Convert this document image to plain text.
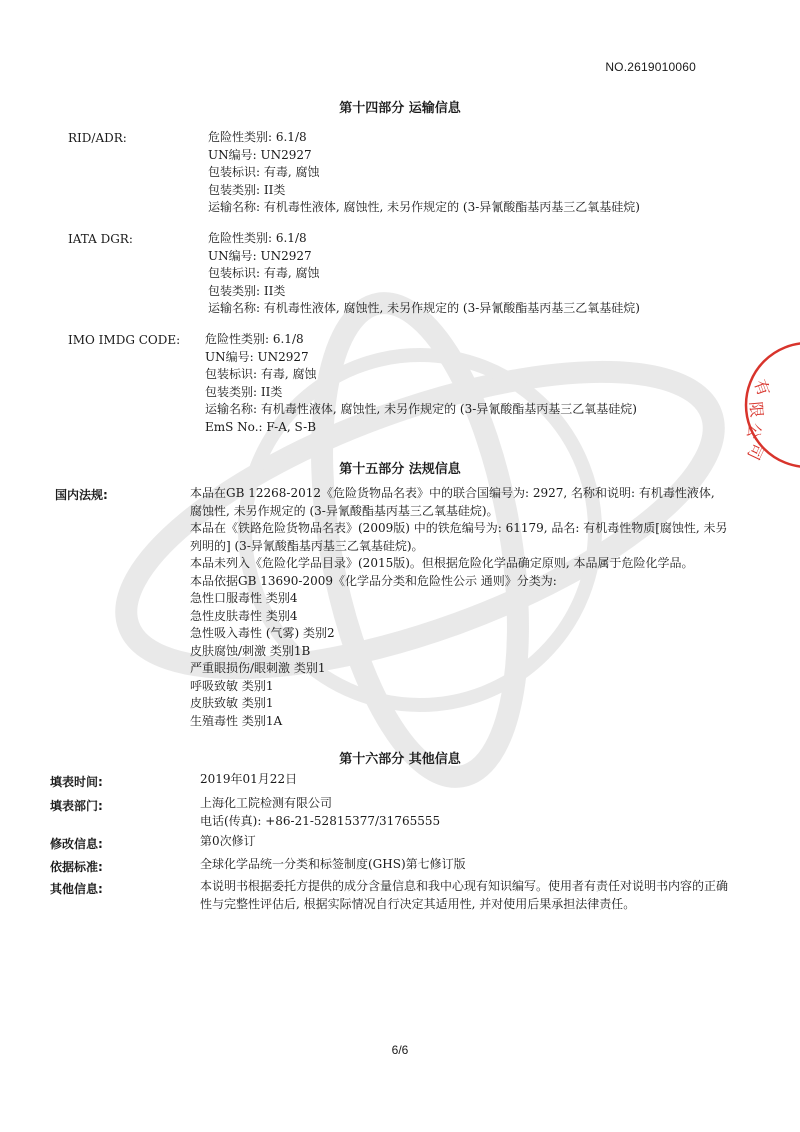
NO.2619010060
第十四部分 运输信息
RID/ADR:	危险性类别: 6.1/8
UN编号: UN2927
包装标识: 有毒, 腐蚀
包装类别: II类
运输名称: 有机毒性液体, 腐蚀性, 未另作规定的 (3-异氰酸酯基丙基三乙氧基硅烷)
IATA DGR:	危险性类别: 6.1/8
UN编号: UN2927
包装标识: 有毒, 腐蚀
包装类别: II类
运输名称: 有机毒性液体, 腐蚀性, 未另作规定的 (3-异氰酸酯基丙基三乙氧基硅烷)
IMO IMDG CODE: 危险性类别: 6.1/8
UN编号: UN2927
包装标识: 有毒, 腐蚀
包装类别: II类
运输名称: 有机毒性液体, 腐蚀性, 未另作规定的 (3-异氰酸酯基丙基三乙氧基硅烷)
EmS No.: F-A, S-B
有
限
公
司
第十五部分 法规信息
国内法规:	本品在GB 12268-2012《危险货物品名表》中的联合国编号为: 2927, 名称和说明: 有机毒性液体, 腐蚀性, 未另作规定的 (3-异氰酸酯基丙基三乙氧基硅烷)。

本品在《铁路危险货物品名表》(2009版) 中的铁危编号为: 61179, 品名: 有机毒性物质[腐蚀性, 未另列明的] (3-异氰酸酯基丙基三乙氧基硅烷)。

本品未列入《危险化学品目录》(2015版)。但根据危险化学品确定原则, 本品属于危险化学品。

本品依据GB 13690-2009《化学品分类和危险性公示 通则》分类为:

急性口服毒性 类别4

急性皮肤毒性 类别4

急性吸入毒性 (气雾) 类别2

皮肤腐蚀/刺激 类别1B

严重眼损伤/眼刺激 类别1

呼吸致敏 类别1

皮肤致敏 类别1

生殖毒性 类别1A

第十六部分 其他信息
填表时间:	2019年01月22日
填表部门:	上海化工院检测有限公司
电话(传真): +86-21-52815377/31765555
修改信息:	第0次修订
依据标准:	全球化学品统一分类和标签制度(GHS)第七修订版
其他信息:	本说明书根据委托方提供的成分含量信息和我中心现有知识编写。使用者有责任对说明书内容的正确性与完整性评估后, 根据实际情况自行决定其适用性, 并对使用后果承担法律责任。
6/6
